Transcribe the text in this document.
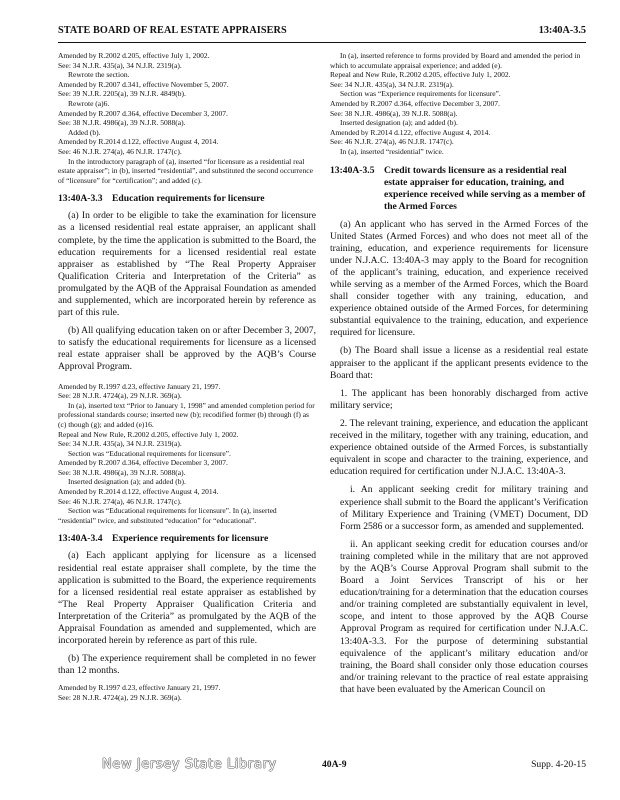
STATE BOARD OF REAL ESTATE APPRAISERS	13:40A-3.5

Amended by R.2002 d.205, effective July 1, 2002.

See: 34 N.J.R. 435(a), 34 N.J.R. 2319(a).

Rewrote the section.

Amended by R.2007 d.341, effective November 5, 2007.

See: 39 N.J.R. 2205(a), 39 N.J.R. 4849(b).

Rewrote (a)6.

Amended by R.2007 d.364, effective December 3, 2007.

See: 38 N.J.R. 4986(a), 39 N.J.R. 5088(a).

Added (b).

Amended by R.2014 d.122, effective August 4, 2014.

See: 46 N.J.R. 274(a), 46 N.J.R. 1747(c).

In the introductory paragraph of (a), inserted “for licensure as a residential real estate appraiser”; in (b), inserted “residential”, and substituted the second occurrence of “licensure” for “certification”; and added (c).

13:40A-3.3 Education requirements for licensure

(a) In order to be eligible to take the examination for licensure as a licensed residential real estate appraiser, an applicant shall complete, by the time the application is submitted to the Board, the education requirements for a licensed residential real estate appraiser as established by “The Real Property Appraiser Qualification Criteria and Interpretation of the Criteria” as promulgated by the AQB of the Appraisal Foundation as amended and supplemented, which are incorporated herein by reference as part of this rule.

(b) All qualifying education taken on or after December 3, 2007, to satisfy the educational requirements for licensure as a licensed real estate appraiser shall be approved by the AQB’s Course Approval Program.

Amended by R.1997 d.23, effective January 21, 1997.

See: 28 N.J.R. 4724(a), 29 N.J.R. 369(a).

In (a), inserted text “Prior to January 1, 1998” and amended completion period for professional standards course; inserted new (b); recodified former (b) through (f) as (c) though (g); and added (e)16.

Repeal and New Rule, R.2002 d.205, effective July 1, 2002.

See: 34 N.J.R. 435(a), 34 N.J.R. 2319(a).

Section was “Educational requirements for licensure”.

Amended by R.2007 d.364, effective December 3, 2007.

See: 38 N.J.R. 4986(a), 39 N.J.R. 5088(a).

Inserted designation (a); and added (b).

Amended by R.2014 d.122, effective August 4, 2014.

See: 46 N.J.R. 274(a), 46 N.J.R. 1747(c).

Section was “Educational requirements for licensure”. In (a), inserted “residential” twice, and substituted “education” for “educational”.

13:40A-3.4 Experience requirements for licensure

(a) Each applicant applying for licensure as a licensed residential real estate appraiser shall complete, by the time the application is submitted to the Board, the experience requirements for a licensed residential real estate appraiser as established by “The Real Property Appraiser Qualification Criteria and Interpretation of the Criteria” as promulgated by the AQB of the Appraisal Foundation as amended and supplemented, which are incorporated herein by reference as part of this rule.

(b) The experience requirement shall be completed in no fewer than 12 months.

Amended by R.1997 d.23, effective January 21, 1997.

See: 28 N.J.R. 4724(a), 29 N.J.R. 369(a).

In (a), inserted reference to forms provided by Board and amended the period in which to accumulate appraisal experience; and added (e).

Repeal and New Rule, R.2002 d.205, effective July 1, 2002.

See: 34 N.J.R. 435(a), 34 N.J.R. 2319(a).

Section was “Experience requirements for licensure”.

Amended by R.2007 d.364, effective December 3, 2007.

See: 38 N.J.R. 4986(a), 39 N.J.R. 5088(a).

Inserted designation (a); and added (b).

Amended by R.2014 d.122, effective August 4, 2014.

See: 46 N.J.R. 274(a), 46 N.J.R. 1747(c).

In (a), inserted “residential” twice.

13:40A-3.5 Credit towards licensure as a residential real estate appraiser for education, training, and experience received while serving as a member of the Armed Forces

(a) An applicant who has served in the Armed Forces of the United States (Armed Forces) and who does not meet all of the training, education, and experience requirements for licensure under N.J.A.C. 13:40A-3 may apply to the Board for recognition of the applicant’s training, education, and experience received while serving as a member of the Armed Forces, which the Board shall consider together with any training, education, and experience obtained outside of the Armed Forces, for determining substantial equivalence to the training, education, and experience required for licensure.

(b) The Board shall issue a license as a residential real estate appraiser to the applicant if the applicant presents evidence to the Board that:

1. The applicant has been honorably discharged from active military service;

2. The relevant training, experience, and education the applicant received in the military, together with any training, education, and experience obtained outside of the Armed Forces, is substantially equivalent in scope and character to the training, experience, and education required for certification under N.J.A.C. 13:40A-3.

i. An applicant seeking credit for military training and experience shall submit to the Board the applicant’s Verification of Military Experience and Training (VMET) Document, DD Form 2586 or a successor form, as amended and supplemented.

ii. An applicant seeking credit for education courses and/or training completed while in the military that are not approved by the AQB’s Course Approval Program shall submit to the Board a Joint Services Transcript of his or her education/training for a determination that the education courses and/or training completed are substantially equivalent in level, scope, and intent to those approved by the AQB Course Approval Program as required for certification under N.J.A.C. 13:40A-3.3. For the purpose of determining substantial equivalence of the applicant’s military education and/or training, the Board shall consider only those education courses and/or training relevant to the practice of real estate appraising that have been evaluated by the American Council on

New Jersey State Library	40A-9	Supp. 4-20-15
